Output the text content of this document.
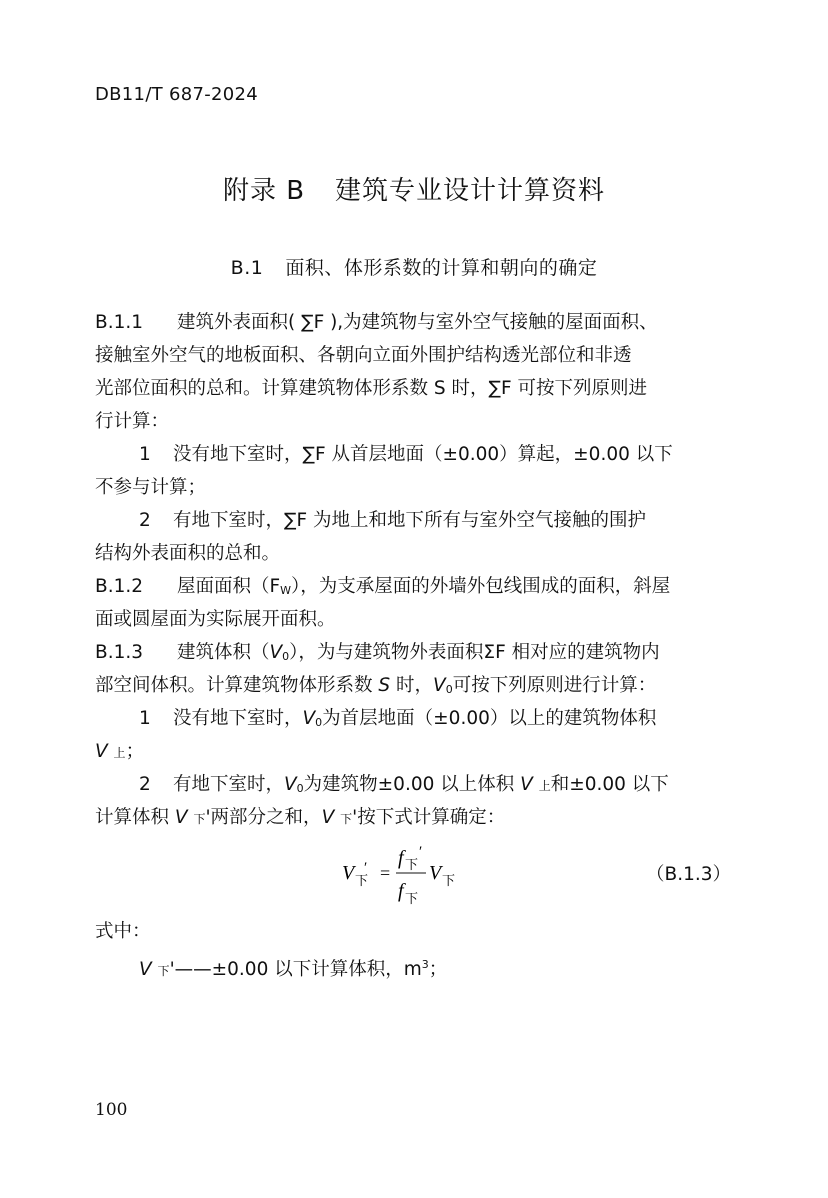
DB11/T 687-2024
附录 B 建筑专业设计计算资料
B.1 面积、体形系数的计算和朝向的确定
B.1.1 建筑外表面积( ∑F ),为建筑物与室外空气接触的屋面面积、
接触室外空气的地板面积、各朝向立面外围护结构透光部位和非透
光部位面积的总和。计算建筑物体形系数 S 时，∑F 可按下列原则进
行计算：
1 没有地下室时，∑F 从首层地面（±0.00）算起，±0.00 以下
不参与计算；
2 有地下室时，∑F 为地上和地下所有与室外空气接触的围护
结构外表面积的总和。
B.1.2 屋面面积$(F_W)$，为支承屋面的外墙外包线围成的面积，斜屋
面或圆屋面为实际展开面积。
B.1.3 建筑体积$(V_0)$，为与建筑物外表面积ΣF 相对应的建筑物内
部空间体积。计算建筑物体形系数 S 时，$V_0$可按下列原则进行计算：
1 没有地下室时，$V_0$为首层地面（±0.00）以上的建筑物体积
V 上；
2 有地下室时，$V_0$为建筑物±0.00 以上体积 V 上和±0.00 以下
计算体积 V 下'两部分之和，V 下'按下式计算确定：
V 下
′ =
f 下
′
f 下
V 下	（B.1.3）
式中：
V 下'——±0.00 以下计算体积，$m^3$；
100
